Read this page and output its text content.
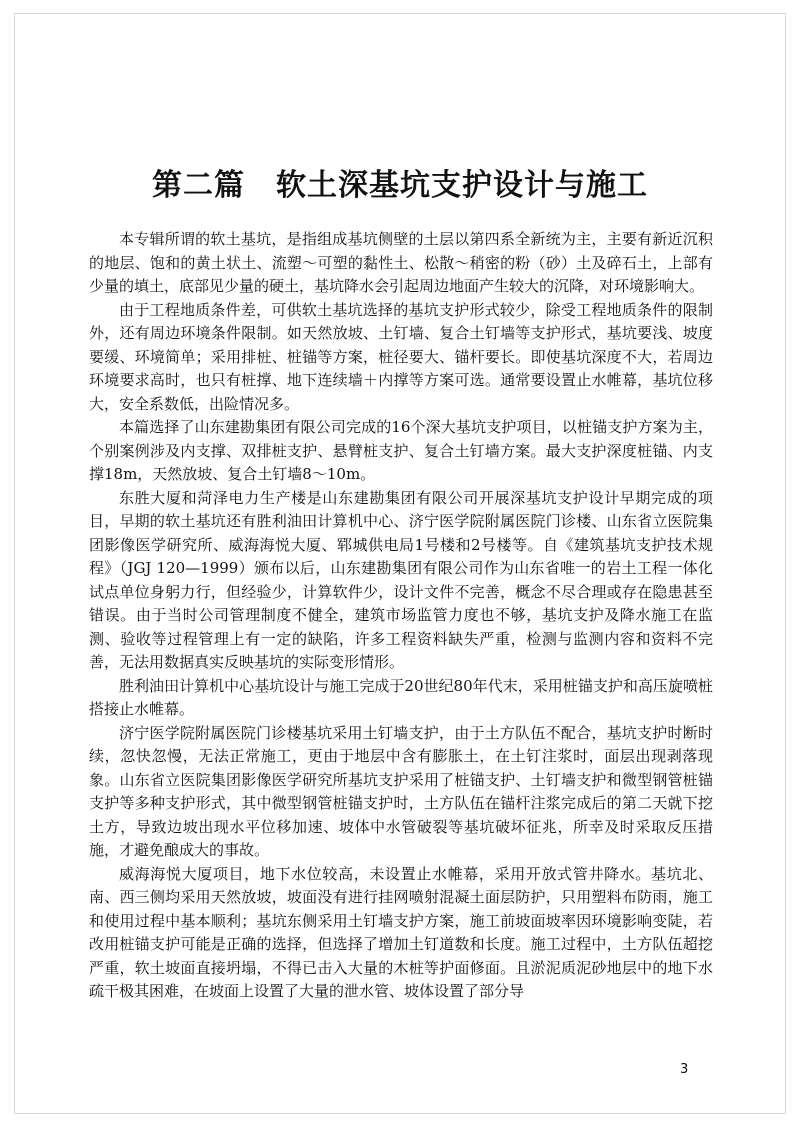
第二篇　软土深基坑支护设计与施工

本专辑所谓的软土基坑，是指组成基坑侧壁的土层以第四系全新统为主，主要有新近沉积的地层、饱和的黄土状土、流塑～可塑的黏性土、松散～稍密的粉（砂）土及碎石土，上部有少量的填土，底部见少量的硬土，基坑降水会引起周边地面产生较大的沉降，对环境影响大。

由于工程地质条件差，可供软土基坑选择的基坑支护形式较少，除受工程地质条件的限制外，还有周边环境条件限制。如天然放坡、土钉墙、复合土钉墙等支护形式，基坑要浅、坡度要缓、环境简单；采用排桩、桩锚等方案，桩径要大、锚杆要长。即使基坑深度不大，若周边环境要求高时，也只有桩撑、地下连续墙＋内撑等方案可选。通常要设置止水帷幕，基坑位移大，安全系数低，出险情况多。

本篇选择了山东建勘集团有限公司完成的16个深大基坑支护项目，以桩锚支护方案为主，个别案例涉及内支撑、双排桩支护、悬臂桩支护、复合土钉墙方案。最大支护深度桩锚、内支撑18m，天然放坡、复合土钉墙8～10m。

东胜大厦和菏泽电力生产楼是山东建勘集团有限公司开展深基坑支护设计早期完成的项目，早期的软土基坑还有胜利油田计算机中心、济宁医学院附属医院门诊楼、山东省立医院集团影像医学研究所、威海海悦大厦、郓城供电局1号楼和2号楼等。自《建筑基坑支护技术规程》（JGJ 120—1999）颁布以后，山东建勘集团有限公司作为山东省唯一的岩土工程一体化试点单位身躬力行，但经验少，计算软件少，设计文件不完善，概念不尽合理或存在隐患甚至错误。由于当时公司管理制度不健全，建筑市场监管力度也不够，基坑支护及降水施工在监测、验收等过程管理上有一定的缺陷，许多工程资料缺失严重，检测与监测内容和资料不完善，无法用数据真实反映基坑的实际变形情形。

胜利油田计算机中心基坑设计与施工完成于20世纪80年代末，采用桩锚支护和高压旋喷桩搭接止水帷幕。

济宁医学院附属医院门诊楼基坑采用土钉墙支护，由于土方队伍不配合，基坑支护时断时续，忽快忽慢，无法正常施工，更由于地层中含有膨胀土，在土钉注浆时，面层出现剥落现象。山东省立医院集团影像医学研究所基坑支护采用了桩锚支护、土钉墙支护和微型钢管桩锚支护等多种支护形式，其中微型钢管桩锚支护时，土方队伍在锚杆注浆完成后的第二天就下挖土方，导致边坡出现水平位移加速、坡体中水管破裂等基坑破坏征兆，所幸及时采取反压措施，才避免酿成大的事故。

威海海悦大厦项目，地下水位较高，未设置止水帷幕，采用开放式管井降水。基坑北、南、西三侧均采用天然放坡，坡面没有进行挂网喷射混凝土面层防护，只用塑料布防雨，施工和使用过程中基本顺利；基坑东侧采用土钉墙支护方案，施工前坡面坡率因环境影响变陡，若改用桩锚支护可能是正确的选择，但选择了增加土钉道数和长度。施工过程中，土方队伍超挖严重，软土坡面直接坍塌，不得已击入大量的木桩等护面修面。且淤泥质泥砂地层中的地下水疏干极其困难，在坡面上设置了大量的泄水管、坡体设置了部分导

3
